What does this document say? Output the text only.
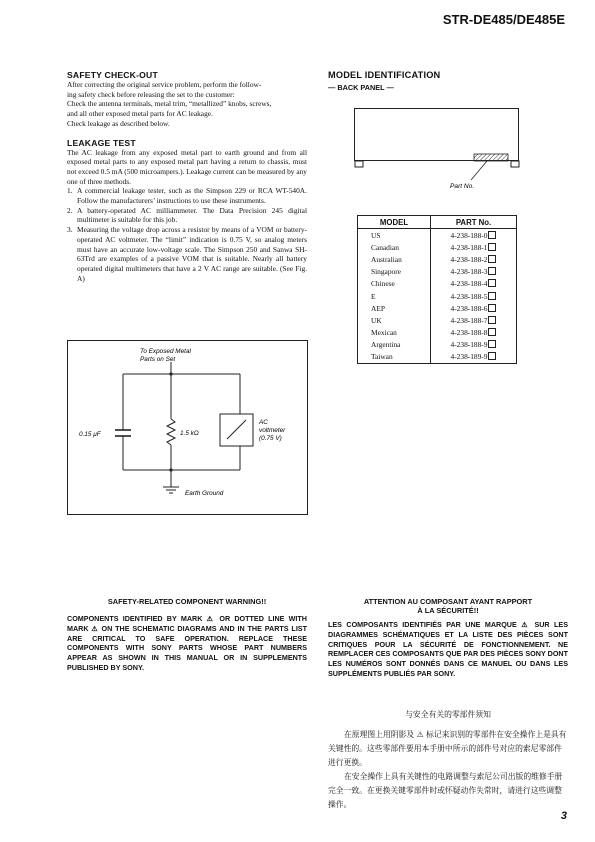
STR-DE485/DE485E
SAFETY CHECK-OUT
After correcting the original service problem, perform the follow-
ing safety check before releasing the set to the customer:
Check the antenna terminals, metal trim, “metallized” knobs, screws,
and all other exposed metal parts for AC leakage.
Check leakage as described below.
LEAKAGE TEST
The AC leakage from any exposed metal part to earth ground and from all exposed metal parts to any exposed metal part having a return to chassis, must not exceed 0.5 mA (500 microampers.). Leakage current can be measured by any one of three methods.
1. A commercial leakage tester, such as the Simpson 229 or RCA WT-540A. Follow the manufacturers’ instructions to use these instruments.
2. A battery-operated AC milliammeter. The Data Precision 245 digital multimeter is suitable for this job.
3. Measuring the voltage drop across a resistor by means of a VOM or battery-operated AC voltmeter. The “limit” indication is 0.75 V, so analog meters must have an accurate low-voltage scale. The Simpson 250 and Sanwa SH-63Trd are examples of a passive VOM that is suitable. Nearly all battery operated digital multimeters that have a 2 V AC range are suitable. (See Fig. A)
To Exposed Metal
Parts on Set
0.15 μF	1.5 kΩ
AC
voltmeter
(0.75 V)
Earth Ground
MODEL IDENTIFICATION
— BACK PANEL —
Part No.
MODEL	PART No.
US	4-238-188-0
Canadian	4-238-188-1
Australian	4-238-188-2
Singapore	4-238-188-3
Chinese	4-238-188-4
E	4-238-188-5
AEP	4-238-188-6
UK	4-238-188-7
Mexican	4-238-188-8
Argentina	4-238-188-9
Taiwan	4-238-189-9
SAFETY-RELATED COMPONENT WARNING!!
COMPONENTS IDENTIFIED BY MARK ⚠ OR DOTTED LINE WITH MARK ⚠ ON THE SCHEMATIC DIAGRAMS AND IN THE PARTS LIST ARE CRITICAL TO SAFE OPERATION. REPLACE THESE COMPONENTS WITH SONY PARTS WHOSE PART NUMBERS APPEAR AS SHOWN IN THIS MANUAL OR IN SUPPLEMENTS PUBLISHED BY SONY.
ATTENTION AU COMPOSANT AYANT RAPPORT
À LA SÉCURITÉ!!
LES COMPOSANTS IDENTIFIÉS PAR UNE MARQUE ⚠ SUR LES DIAGRAMMES SCHÉMATIQUES ET LA LISTE DES PIÈCES SONT CRITIQUES POUR LA SÉCURITÉ DE FONCTIONNEMENT. NE REMPLACER CES COMPOSANTS QUE PAR DES PIÈCES SONY DONT LES NUMÉROS SONT DONNÉS DANS CE MANUEL OU DANS LES SUPPLÉMENTS PUBLIÉS PAR SONY.
与安全有关的零部件须知
在原理图上用阴影及 ⚠ 标记来识别的零部件在安全操作上是具有关键性的。这些零部件要用本手册中所示的部件号对应的索尼零部件进行更换。
在安全操作上具有关键性的电路调整与索尼公司出版的维修手册完全一致。在更换关键零部件时或怀疑动作失常时，请进行这些调整操作。
3
